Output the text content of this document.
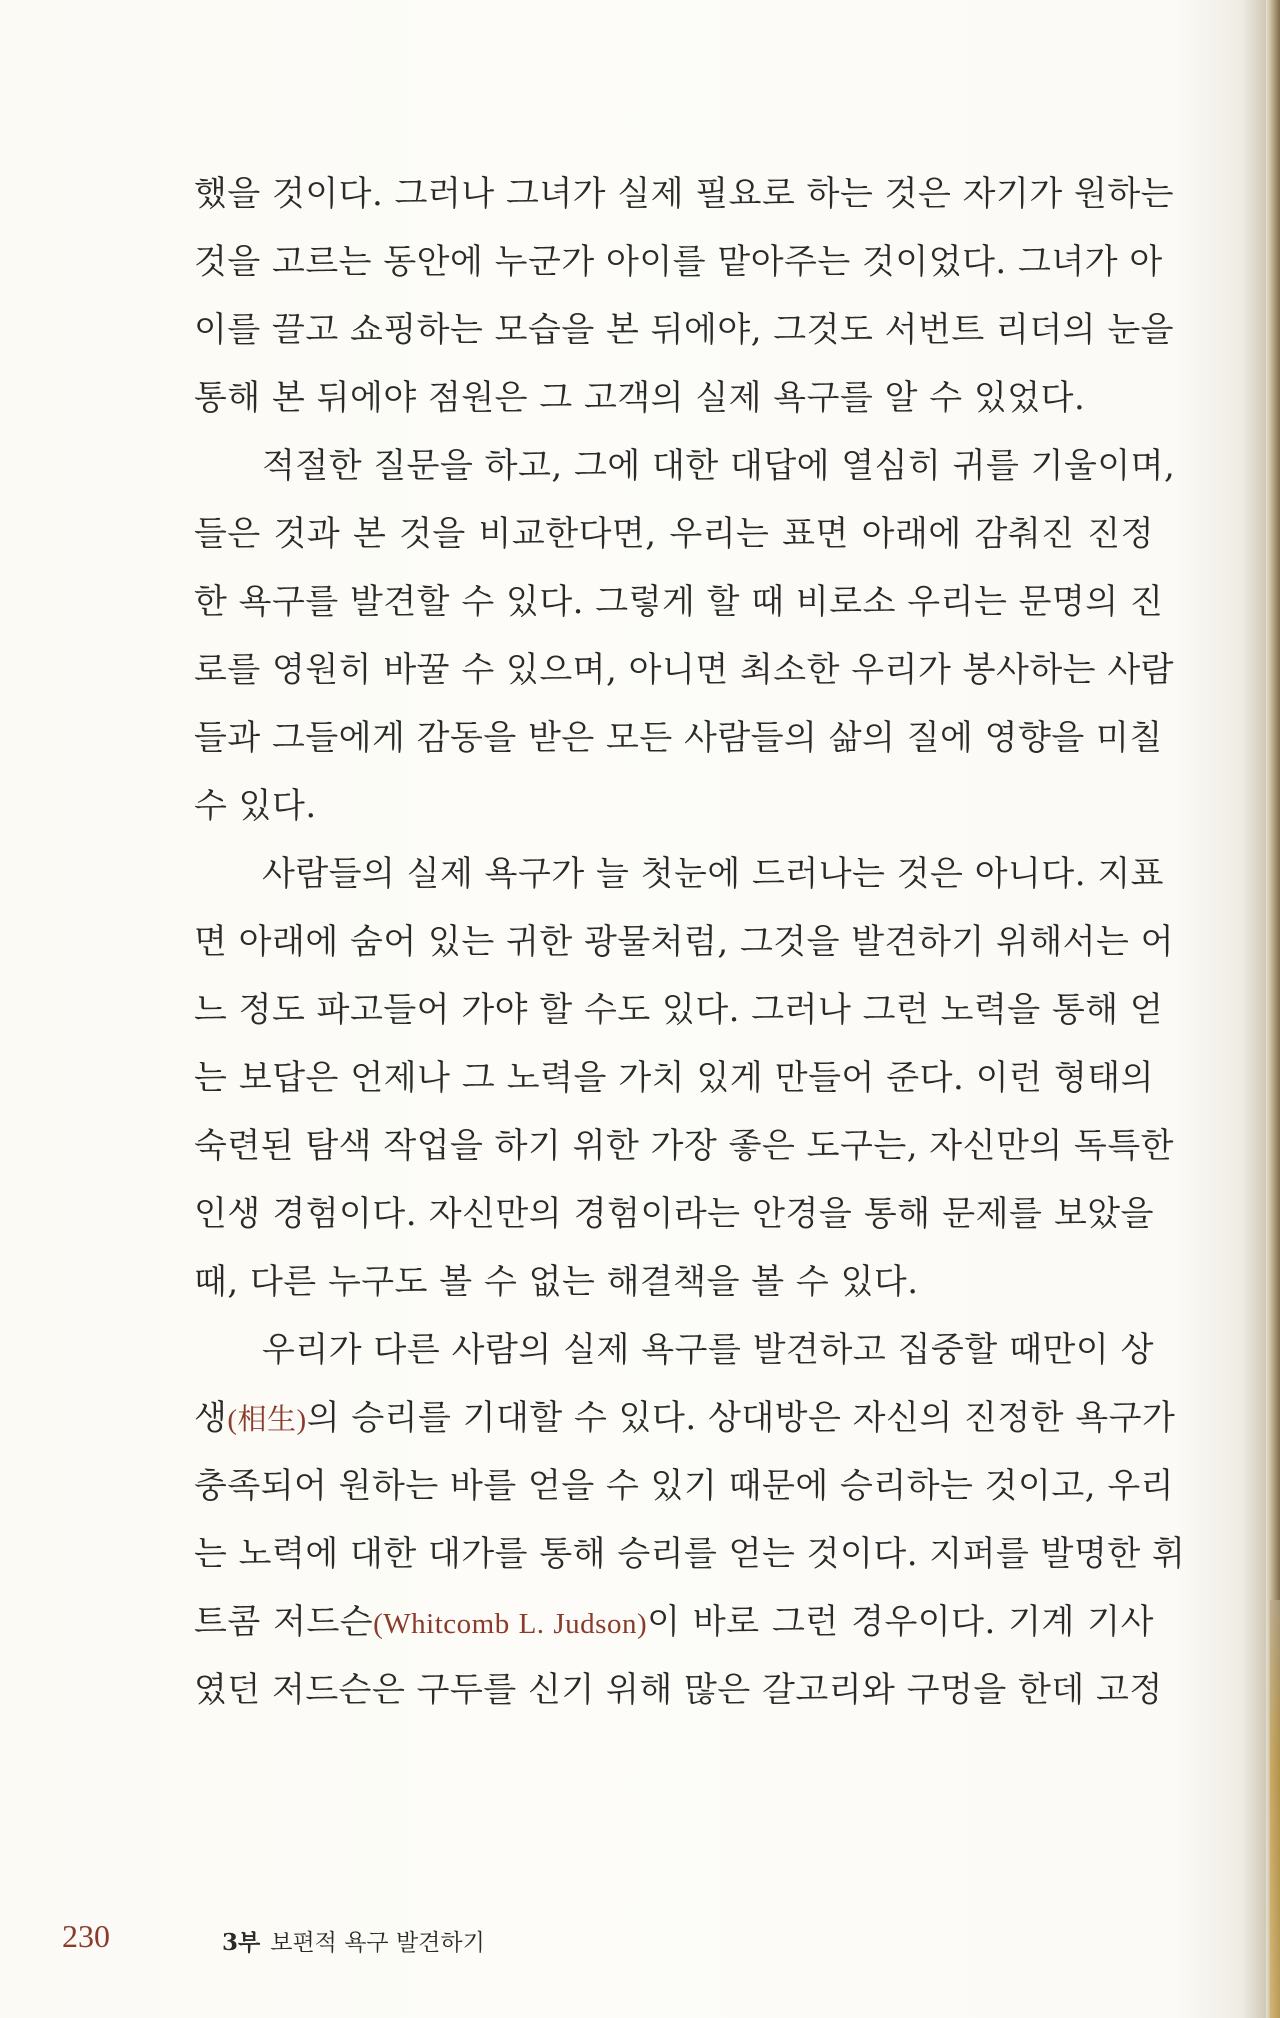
했을 것이다. 그러나 그녀가 실제 필요로 하는 것은 자기가 원하는
것을 고르는 동안에 누군가 아이를 맡아주는 것이었다. 그녀가 아
이를 끌고 쇼핑하는 모습을 본 뒤에야, 그것도 서번트 리더의 눈을
통해 본 뒤에야 점원은 그 고객의 실제 욕구를 알 수 있었다.
적절한 질문을 하고, 그에 대한 대답에 열심히 귀를 기울이며,
들은 것과 본 것을 비교한다면, 우리는 표면 아래에 감춰진 진정
한 욕구를 발견할 수 있다. 그렇게 할 때 비로소 우리는 문명의 진
로를 영원히 바꿀 수 있으며, 아니면 최소한 우리가 봉사하는 사람
들과 그들에게 감동을 받은 모든 사람들의 삶의 질에 영향을 미칠
수 있다.
사람들의 실제 욕구가 늘 첫눈에 드러나는 것은 아니다. 지표
면 아래에 숨어 있는 귀한 광물처럼, 그것을 발견하기 위해서는 어
느 정도 파고들어 가야 할 수도 있다. 그러나 그런 노력을 통해 얻
는 보답은 언제나 그 노력을 가치 있게 만들어 준다. 이런 형태의
숙련된 탐색 작업을 하기 위한 가장 좋은 도구는, 자신만의 독특한
인생 경험이다. 자신만의 경험이라는 안경을 통해 문제를 보았을
때, 다른 누구도 볼 수 없는 해결책을 볼 수 있다.
우리가 다른 사람의 실제 욕구를 발견하고 집중할 때만이 상
생(相生)의 승리를 기대할 수 있다. 상대방은 자신의 진정한 욕구가
충족되어 원하는 바를 얻을 수 있기 때문에 승리하는 것이고, 우리
는 노력에 대한 대가를 통해 승리를 얻는 것이다. 지퍼를 발명한 휘
트콤 저드슨(Whitcomb L. Judson)이 바로 그런 경우이다. 기계 기사
였던 저드슨은 구두를 신기 위해 많은 갈고리와 구멍을 한데 고정
230	3부 보편적 욕구 발견하기
